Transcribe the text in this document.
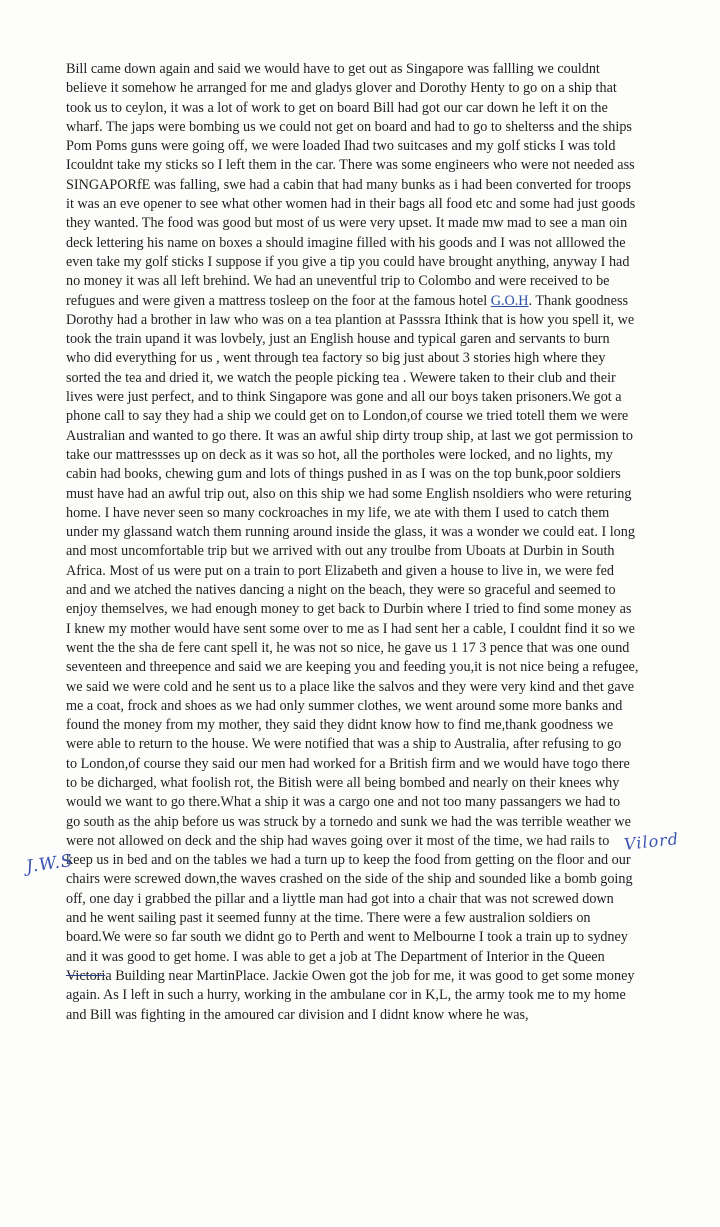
Bill came down again and said we would have to get out as Singapore was fallling we couldnt
believe it somehow he arranged for me and gladys glover and Dorothy Henty to go on a ship that
took us to ceylon, it was a lot of work to get on board Bill had got our car down he left it on the
wharf. The japs were bombing us we could not get on board and had to go to shelterss and the ships
Pom Poms guns were going off, we were loaded Ihad two suitcases and my golf sticks I was told
Icouldnt take my sticks so I left them in the car. There was some engineers who were not needed ass
SINGAPORfE was falling, swe had a cabin that had many bunks as i had been converted for troops
it was an eve opener to see what other women had in their bags all food etc and some had just goods
they wanted. The food was good but most of us were very upset. It made mw mad to see a man oin
deck lettering his name on boxes a should imagine filled with his goods and I was not alllowed the
even take my golf sticks I suppose if you give a tip you could have brought anything, anyway I had
no money it was all left brehind. We had an uneventful trip to Colombo and were received to be
refugues and were given a mattress tosleep on the foor at the famous hotel G.O.H. Thank goodness
Dorothy had a brother in law who was on a tea plantion at Passsra Ithink that is how you spell it, we
took the train upand it was lovbely, just an English house and typical garen and servants to burn
who did everything for us , went through tea factory so big just about 3 stories high where they
sorted the tea and dried it, we watch the people picking tea . Wewere taken to their club and their
lives were just perfect, and to think Singapore was gone and all our boys taken prisoners.We got a
phone call to say they had a ship we could get on to London,of course we tried totell them we were
Australian and wanted to go there. It was an awful ship dirty troup ship, at last we got permission to
take our mattressses up on deck as it was so hot, all the portholes were locked, and no lights, my
cabin had books, chewing gum and lots of things pushed in as I was on the top bunk,poor soldiers
must have had an awful trip out, also on this ship we had some English nsoldiers who were returing
home. I have never seen so many cockroaches in my life, we ate with them I used to catch them
under my glassand watch them running around inside the glass, it was a wonder we could eat. I long
and most uncomfortable trip but we arrived with out any troulbe from Uboats at Durbin in South
Africa. Most of us were put on a train to port Elizabeth and given a house to live in, we were fed
and and we atched the natives dancing a night on the beach, they were so graceful and seemed to
enjoy themselves, we had enough money to get back to Durbin where I tried to find some money as
I knew my mother would have sent some over to me as I had sent her a cable, I couldnt find it so we
went the the sha de fere cant spell it, he was not so nice, he gave us 1 17 3 pence that was one ound
seventeen and threepence and said we are keeping you and feeding you,it is not nice being a refugee,
we said we were cold and he sent us to a place like the salvos and they were very kind and thet gave
me a coat, frock and shoes as we had only summer clothes, we went around some more banks and
found the money from my mother, they said they didnt know how to find me,thank goodness we
were able to return to the house. We were notified that was a ship to Australia, after refusing to go
to London,of course they said our men had worked for a British firm and we would have togo there
to be dicharged, what foolish rot, the Bitish were all being bombed and nearly on their knees why
would we want to go there.What a ship it was a cargo one and not too many passangers we had to
go south as the ahip before us was struck by a tornedo and sunk we had the was terrible weather we
were not allowed on deck and the ship had waves going over it most of the time, we had rails to
keep us in bed and on the tables we had a turn up to keep the food from getting on the floor and our
chairs were screwed down,the waves crashed on the side of the ship and sounded like a bomb going
off, one day i grabbed the pillar and a liyttle man had got into a chair that was not screwed down
and he went sailing past it seemed funny at the time. There were a few australion soldiers on
board.We were so far south we didnt go to Perth and went to Melbourne I took a train up to sydney
and it was good to get home. I was able to get a job at The Department of Interior in the Queen
Victoria Building near MartinPlace. Jackie Owen got the job for me, it was good to get some money
again. As I left in such a hurry, working in the ambulane cor in K,L, the army took me to my home
and Bill was fighting in the amoured car division and I didnt know where he was,
J.W.S
Vilord
